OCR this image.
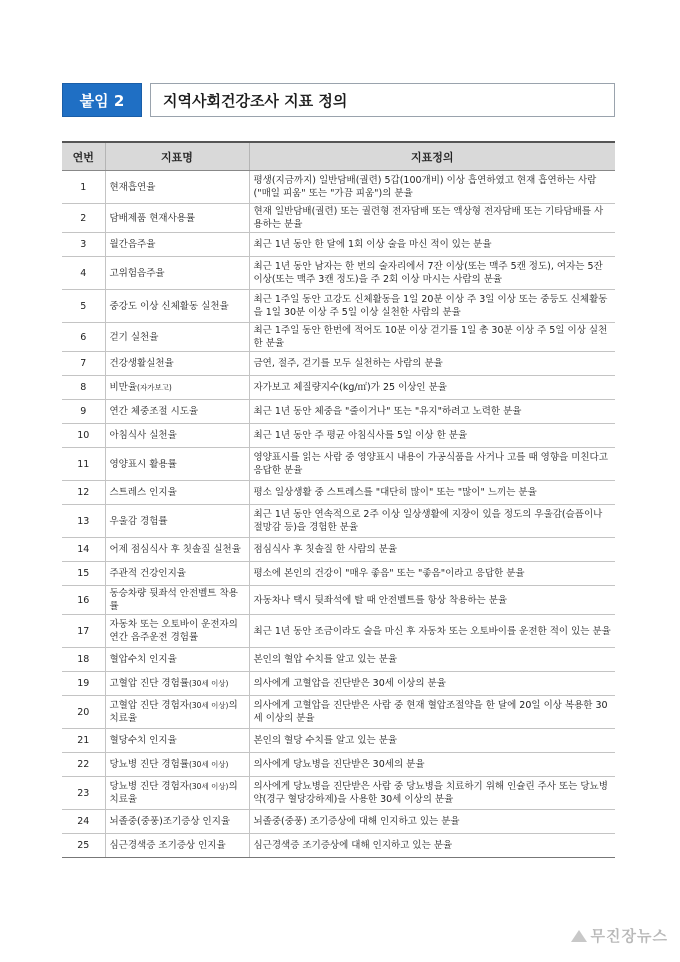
붙임 2	지역사회건강조사 지표 정의
연번	지표명	지표정의
1	현재흡연율	평생(지금까지) 일반담배(궐련) 5갑(100개비) 이상 흡연하였고 현재 흡연하는 사람("매일 피움" 또는 "가끔 피움")의 분율
2	담배제품 현재사용률	현재 일반담배(궐련) 또는 궐련형 전자담배 또는 액상형 전자담배 또는 기타담배를 사용하는 분율
3	월간음주율	최근 1년 동안 한 달에 1회 이상 술을 마신 적이 있는 분율
4	고위험음주율	최근 1년 동안 남자는 한 번의 술자리에서 7잔 이상(또는 맥주 5캔 정도), 여자는 5잔 이상(또는 맥주 3캔 정도)을 주 2회 이상 마시는 사람의 분율
5	중강도 이상 신체활동 실천율	최근 1주일 동안 고강도 신체활동을 1일 20분 이상 주 3일 이상 또는 중등도 신체활동을 1일 30분 이상 주 5일 이상 실천한 사람의 분율
6	걷기 실천율	최근 1주일 동안 한번에 적어도 10분 이상 걷기를 1일 총 30분 이상 주 5일 이상 실천한 분율
7	건강생활실천율	금연, 절주, 걷기를 모두 실천하는 사람의 분율
8	비만율(자가보고)	자가보고 체질량지수(kg/㎡)가 25 이상인 분율
9	연간 체중조절 시도율	최근 1년 동안 체중을 "줄이거나" 또는 "유지"하려고 노력한 분율
10	아침식사 실천율	최근 1년 동안 주 평균 아침식사를 5일 이상 한 분율
11	영양표시 활용률	영양표시를 읽는 사람 중 영양표시 내용이 가공식품을 사거나 고를 때 영향을 미친다고 응답한 분율
12	스트레스 인지율	평소 일상생활 중 스트레스를 "대단히 많이" 또는 "많이" 느끼는 분율
13	우울감 경험률	최근 1년 동안 연속적으로 2주 이상 일상생활에 지장이 있을 정도의 우울감(슬픔이나 절망감 등)을 경험한 분율
14	어제 점심식사 후 칫솔질 실천율	점심식사 후 칫솔질 한 사람의 분율
15	주관적 건강인지율	평소에 본인의 건강이 "매우 좋음" 또는 "좋음"이라고 응답한 분율
16	동승차량 뒷좌석 안전벨트 착용률	자동차나 택시 뒷좌석에 탈 때 안전벨트를 항상 착용하는 분율
17	자동차 또는 오토바이 운전자의 연간 음주운전 경험률	최근 1년 동안 조금이라도 술을 마신 후 자동차 또는 오토바이를 운전한 적이 있는 분율
18	혈압수치 인지율	본인의 혈압 수치를 알고 있는 분율
19	고혈압 진단 경험률(30세 이상)	의사에게 고혈압을 진단받은 30세 이상의 분율
20	고혈압 진단 경험자(30세 이상)의 치료율	의사에게 고혈압을 진단받은 사람 중 현재 혈압조절약을 한 달에 20일 이상 복용한 30세 이상의 분율
21	혈당수치 인지율	본인의 혈당 수치를 알고 있는 분율
22	당뇨병 진단 경험률(30세 이상)	의사에게 당뇨병을 진단받은 30세의 분율
23	당뇨병 진단 경험자(30세 이상)의 치료율	의사에게 당뇨병을 진단받은 사람 중 당뇨병을 치료하기 위해 인슐린 주사 또는 당뇨병약(경구 혈당강하제)을 사용한 30세 이상의 분율
24	뇌졸중(중풍)조기증상 인지율	뇌졸중(중풍) 조기증상에 대해 인지하고 있는 분율
25	심근경색증 조기증상 인지율	심근경색증 조기증상에 대해 인지하고 있는 분율
무진장뉴스
